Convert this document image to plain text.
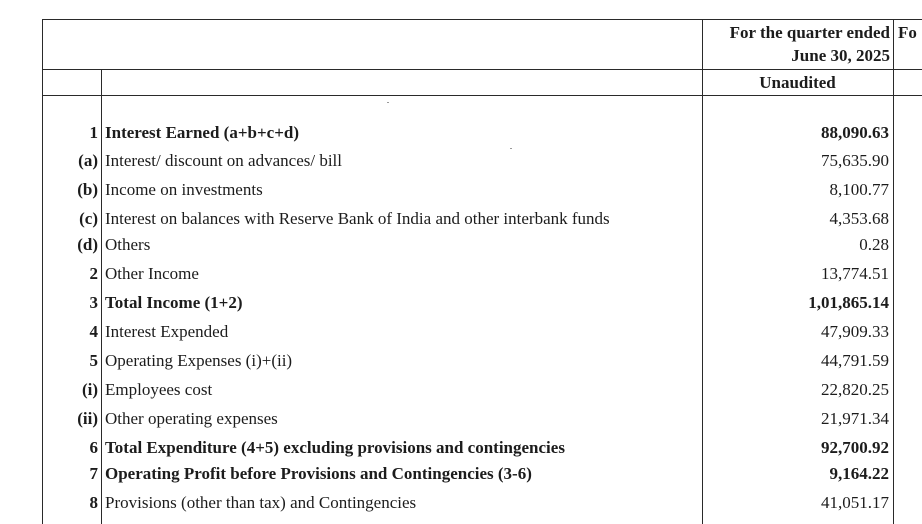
For the quarter ended
June 30, 2025
Fo
Unaudited
1 Interest Earned (a+b+c+d)	88,090.63
(a) Interest/ discount on advances/ bill	75,635.90
(b) Income on investments	8,100.77
(c) Interest on balances with Reserve Bank of India and other interbank funds	4,353.68
(d) Others	0.28
2 Other Income	13,774.51
3 Total Income (1+2)	1,01,865.14
4 Interest Expended	47,909.33
5 Operating Expenses (i)+(ii)	44,791.59
(i) Employees cost	22,820.25
(ii) Other operating expenses	21,971.34
6 Total Expenditure (4+5) excluding provisions and contingencies	92,700.92
7 Operating Profit before Provisions and Contingencies (3-6)	9,164.22
8 Provisions (other than tax) and Contingencies	41,051.17
